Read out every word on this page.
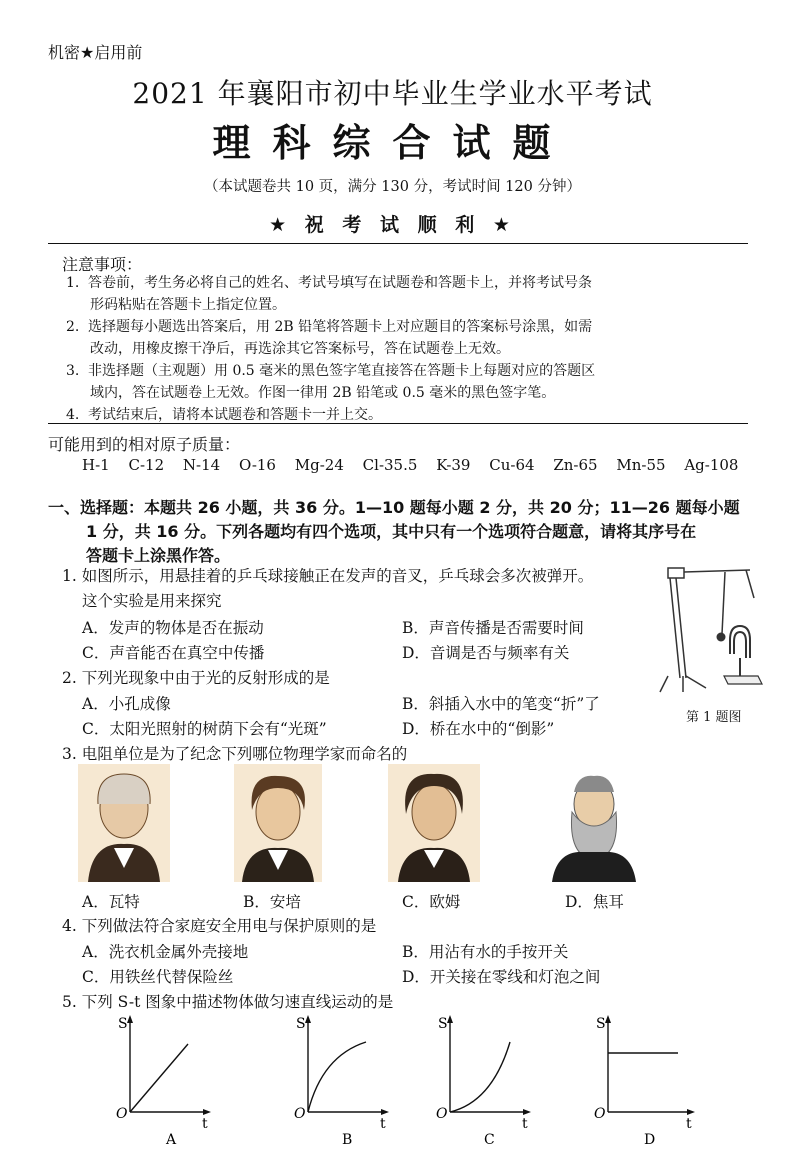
机密★启用前
2021 年襄阳市初中毕业生学业水平考试
理科综合试题
（本试题卷共 10 页，满分 130 分，考试时间 120 分钟）
★ 祝 考 试 顺 利 ★
注意事项：
1. 答卷前，考生务必将自己的姓名、考试号填写在试题卷和答题卡上，并将考试号条
形码粘贴在答题卡上指定位置。
2. 选择题每小题选出答案后，用 2B 铅笔将答题卡上对应题目的答案标号涂黑，如需
改动，用橡皮擦干净后，再选涂其它答案标号，答在试题卷上无效。
3. 非选择题（主观题）用 0.5 毫米的黑色签字笔直接答在答题卡上每题对应的答题区
域内，答在试题卷上无效。作图一律用 2B 铅笔或 0.5 毫米的黑色签字笔。
4. 考试结束后，请将本试题卷和答题卡一并上交。
可能用到的相对原子质量：
H-1 C-12 N-14 O-16 Mg-24 Cl-35.5 K-39 Cu-64 Zn-65 Mn-55 Ag-108
一、选择题：本题共 26 小题，共 36 分。1—10 题每小题 2 分，共 20 分；11—26 题每小题
1 分，共 16 分。下列各题均有四个选项，其中只有一个选项符合题意，请将其序号在
答题卡上涂黑作答。
1. 如图所示，用悬挂着的乒乓球接触正在发声的音叉，乒乓球会多次被弹开。
这个实验是用来探究
A．发声的物体是否在振动	B．声音传播是否需要时间
C．声音能否在真空中传播	D．音调是否与频率有关
2. 下列光现象中由于光的反射形成的是
A．小孔成像	B．斜插入水中的笔变“折”了
C．太阳光照射的树荫下会有“光斑”	D．桥在水中的“倒影”
第 1 题图
3. 电阻单位是为了纪念下列哪位物理学家而命名的
A．瓦特	B．安培	C．欧姆	D．焦耳
4. 下列做法符合家庭安全用电与保护原则的是
A．洗衣机金属外壳接地	B．用沾有水的手按开关
C．用铁丝代替保险丝	D．开关接在零线和灯泡之间
5. 下列 S-t 图象中描述物体做匀速直线运动的是
S
O
t
A
S
O
t
B
S
O
t
C
S
O
t
D
